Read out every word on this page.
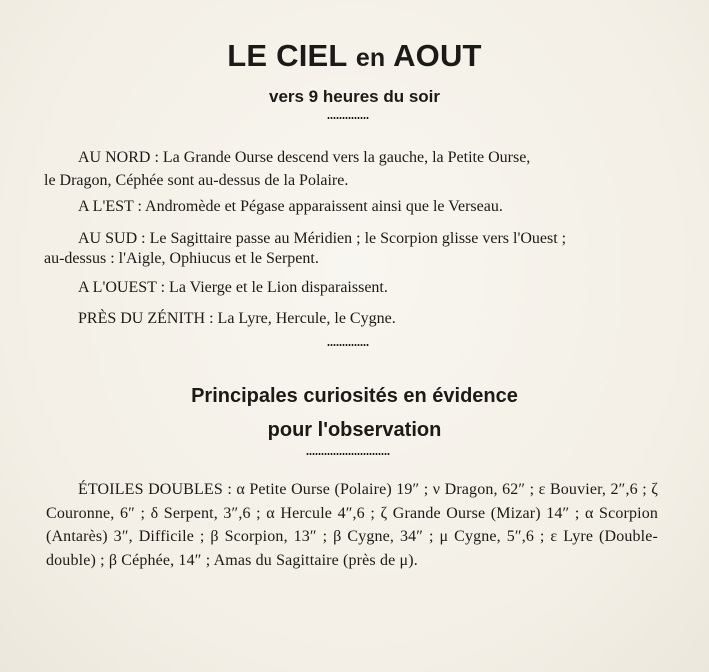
LE CIEL en AOUT
vers 9 heures du soir

AU NORD : La Grande Ourse descend vers la gauche, la Petite Ourse,

le Dragon, Céphée sont au-dessus de la Polaire.

A L'EST : Andromède et Pégase apparaissent ainsi que le Verseau.

AU SUD : Le Sagittaire passe au Méridien ; le Scorpion glisse vers l'Ouest ;

au-dessus : l'Aigle, Ophiucus et le Serpent.

A L'OUEST : La Vierge et le Lion disparaissent.

PRÈS DU ZÉNITH : La Lyre, Hercule, le Cygne.

Principales curiosités en évidence
pour l'observation

ÉTOILES DOUBLES : α Petite Ourse (Polaire) 19″ ; ν Dragon, 62″ ; ε Bouvier, 2″,6 ; ζ Couronne, 6″ ; δ Serpent, 3″,6 ; α Hercule 4″,6 ; ζ Grande Ourse (Mizar) 14″ ; α Scorpion (Antarès) 3″, Difficile ; β Scorpion, 13″ ; β Cygne, 34″ ; μ Cygne, 5″,6 ; ε Lyre (Double-double) ; β Céphée, 14″ ; Amas du Sagittaire (près de μ).
